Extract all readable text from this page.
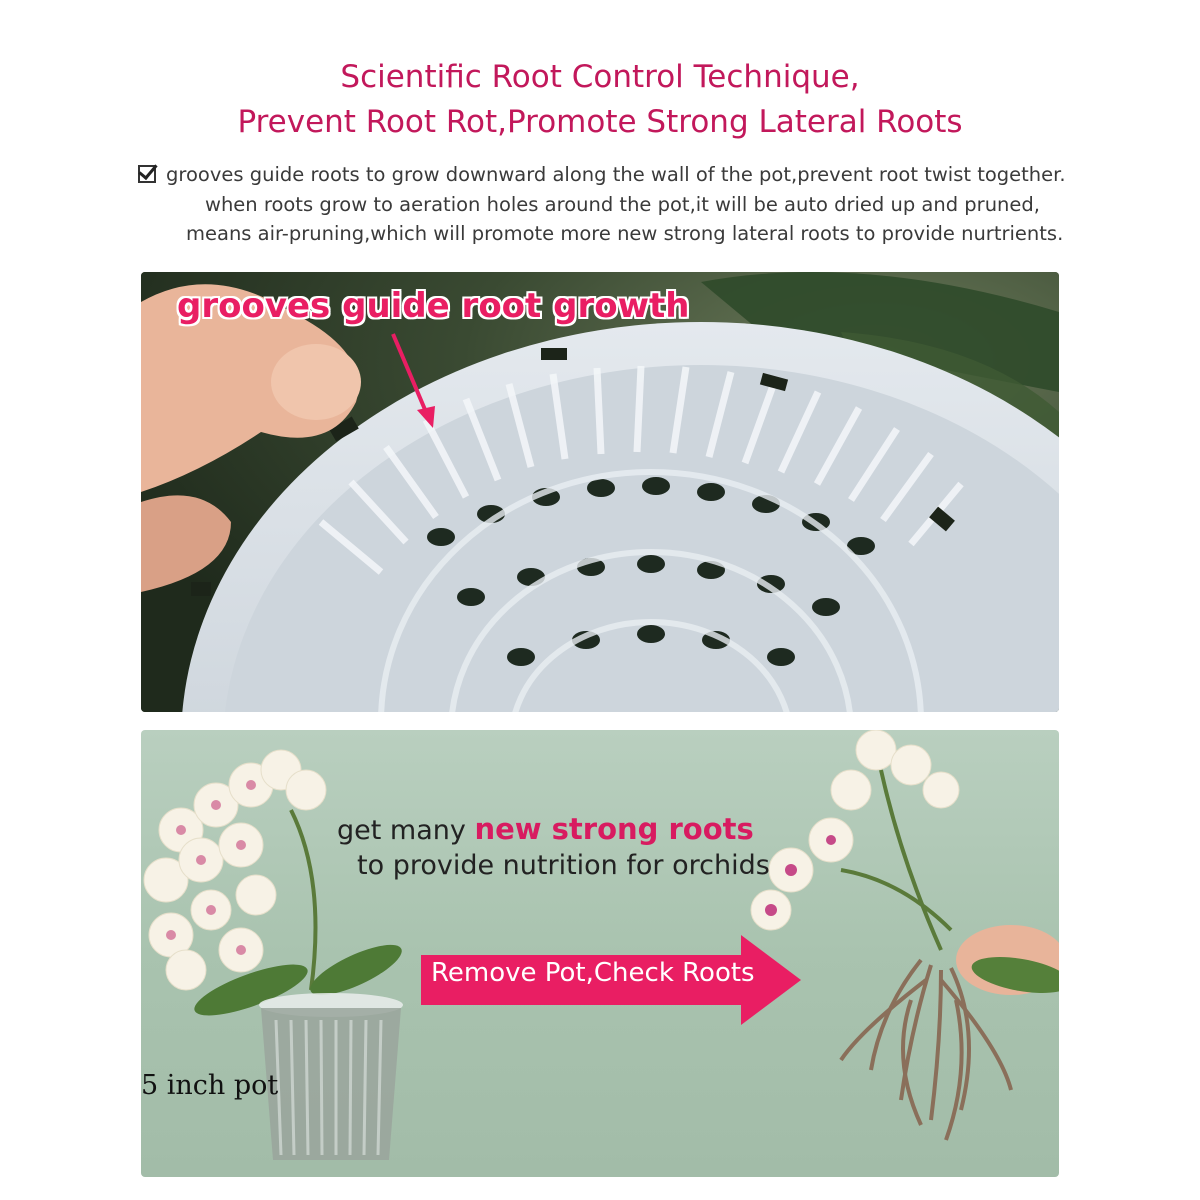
Scientific Root Control Technique,
Prevent Root Rot,Promote Strong Lateral Roots
grooves guide roots to grow downward along the wall of the pot,prevent root twist together.
when roots grow to aeration holes around the pot,it will be auto dried up and pruned,
means air-pruning,which will promote more new strong lateral roots to provide nurtrients.
grooves guide root growth
get many new strong roots
to provide nutrition for orchids
Remove Pot,Check Roots
5 inch pot
